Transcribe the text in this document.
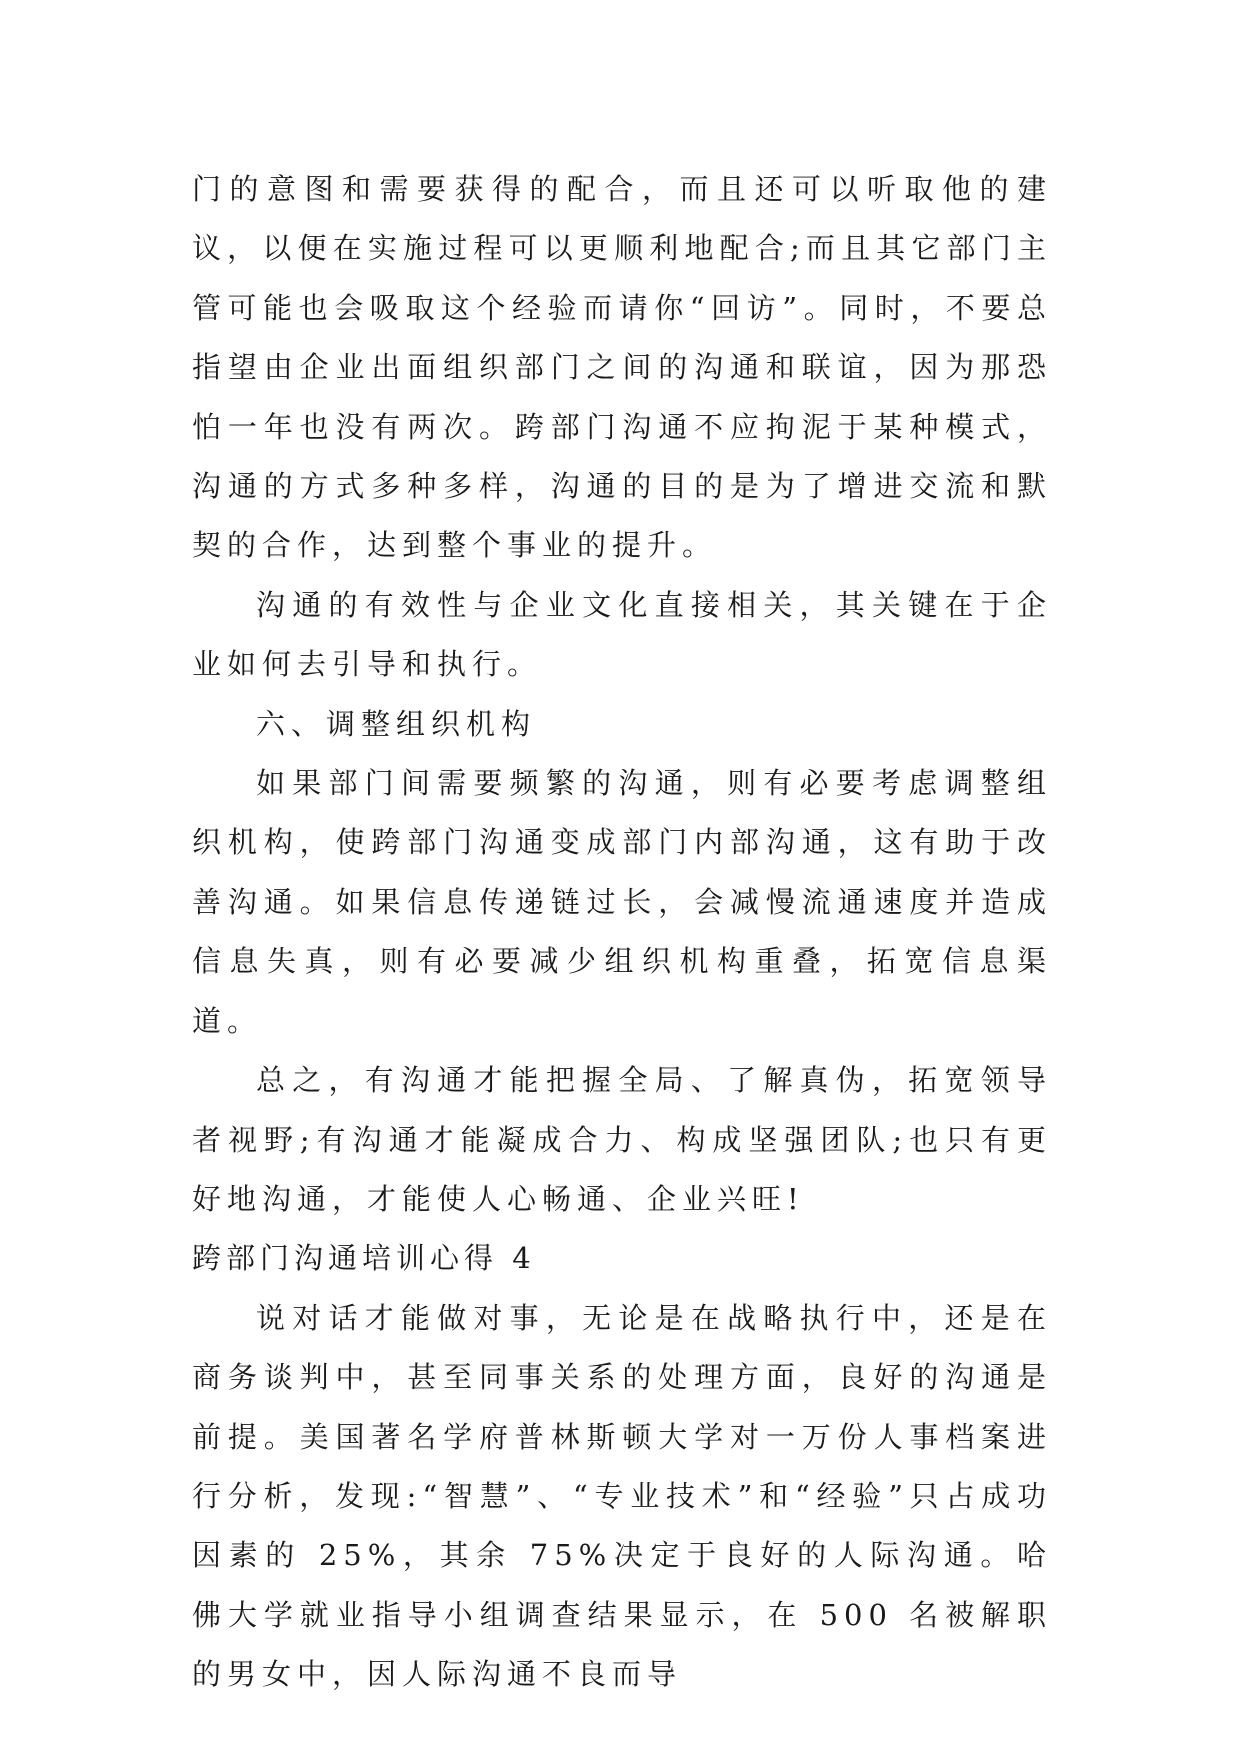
门的意图和需要获得的配合，而且还可以听取他的建议，以便在实施过程可以更顺利地配合;而且其它部门主管可能也会吸取这个经验而请你“回访”。同时，不要总指望由企业出面组织部门之间的沟通和联谊，因为那恐怕一年也没有两次。跨部门沟通不应拘泥于某种模式，沟通的方式多种多样，沟通的目的是为了增进交流和默契的合作，达到整个事业的提升。

沟通的有效性与企业文化直接相关，其关键在于企业如何去引导和执行。

六、调整组织机构

如果部门间需要频繁的沟通，则有必要考虑调整组织机构，使跨部门沟通变成部门内部沟通，这有助于改善沟通。如果信息传递链过长，会减慢流通速度并造成信息失真，则有必要减少组织机构重叠，拓宽信息渠道。

总之，有沟通才能把握全局、了解真伪，拓宽领导者视野;有沟通才能凝成合力、构成坚强团队;也只有更好地沟通，才能使人心畅通、企业兴旺!

跨部门沟通培训心得 4

说对话才能做对事，无论是在战略执行中，还是在商务谈判中，甚至同事关系的处理方面，良好的沟通是前提。美国著名学府普林斯顿大学对一万份人事档案进行分析，发现:“智慧”、“专业技术”和“经验”只占成功因素的 25%，其余 75%决定于良好的人际沟通。哈佛大学就业指导小组调查结果显示，在 500 名被解职的男女中，因人际沟通不良而导
